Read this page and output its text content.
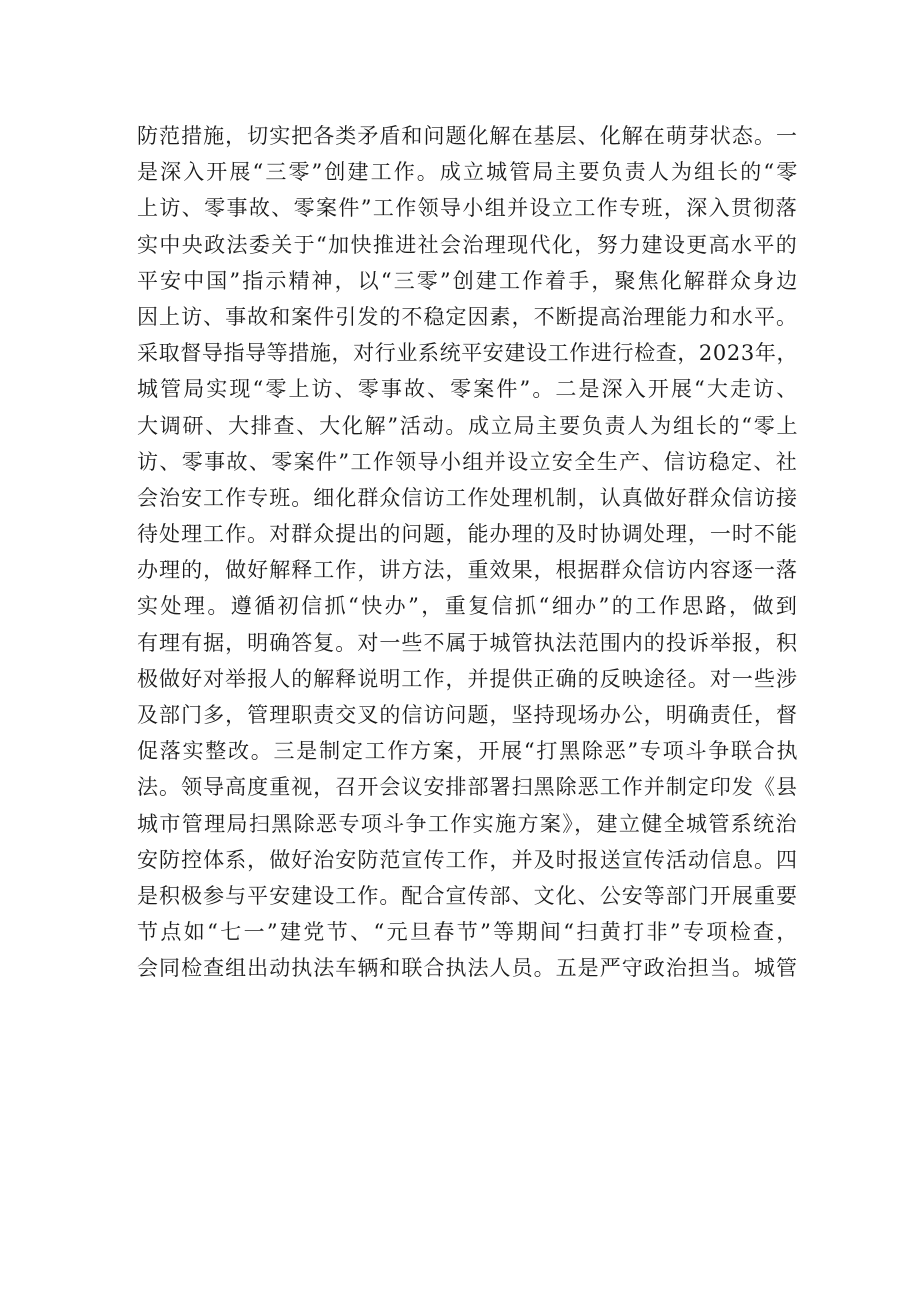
防范措施，切实把各类矛盾和问题化解在基层、化解在萌芽状态。一
是深入开展“三零”创建工作。成立城管局主要负责人为组长的“零
上访、零事故、零案件”工作领导小组并设立工作专班，深入贯彻落
实中央政法委关于“加快推进社会治理现代化，努力建设更高水平的
平安中国”指示精神，以“三零”创建工作着手，聚焦化解群众身边
因上访、事故和案件引发的不稳定因素，不断提高治理能力和水平。
采取督导指导等措施，对行业系统平安建设工作进行检查，2023年，
城管局实现“零上访、零事故、零案件”。二是深入开展“大走访、
大调研、大排查、大化解”活动。成立局主要负责人为组长的“零上
访、零事故、零案件”工作领导小组并设立安全生产、信访稳定、社
会治安工作专班。细化群众信访工作处理机制，认真做好群众信访接
待处理工作。对群众提出的问题，能办理的及时协调处理，一时不能
办理的，做好解释工作，讲方法，重效果，根据群众信访内容逐一落
实处理。遵循初信抓“快办”，重复信抓“细办”的工作思路，做到
有理有据，明确答复。对一些不属于城管执法范围内的投诉举报，积
极做好对举报人的解释说明工作，并提供正确的反映途径。对一些涉
及部门多，管理职责交叉的信访问题，坚持现场办公，明确责任，督
促落实整改。三是制定工作方案，开展“打黑除恶”专项斗争联合执
法。领导高度重视，召开会议安排部署扫黑除恶工作并制定印发《县
城市管理局扫黑除恶专项斗争工作实施方案》，建立健全城管系统治
安防控体系，做好治安防范宣传工作，并及时报送宣传活动信息。四
是积极参与平安建设工作。配合宣传部、文化、公安等部门开展重要
节点如“七一”建党节、“元旦春节”等期间“扫黄打非”专项检查，
会同检查组出动执法车辆和联合执法人员。五是严守政治担当。城管
